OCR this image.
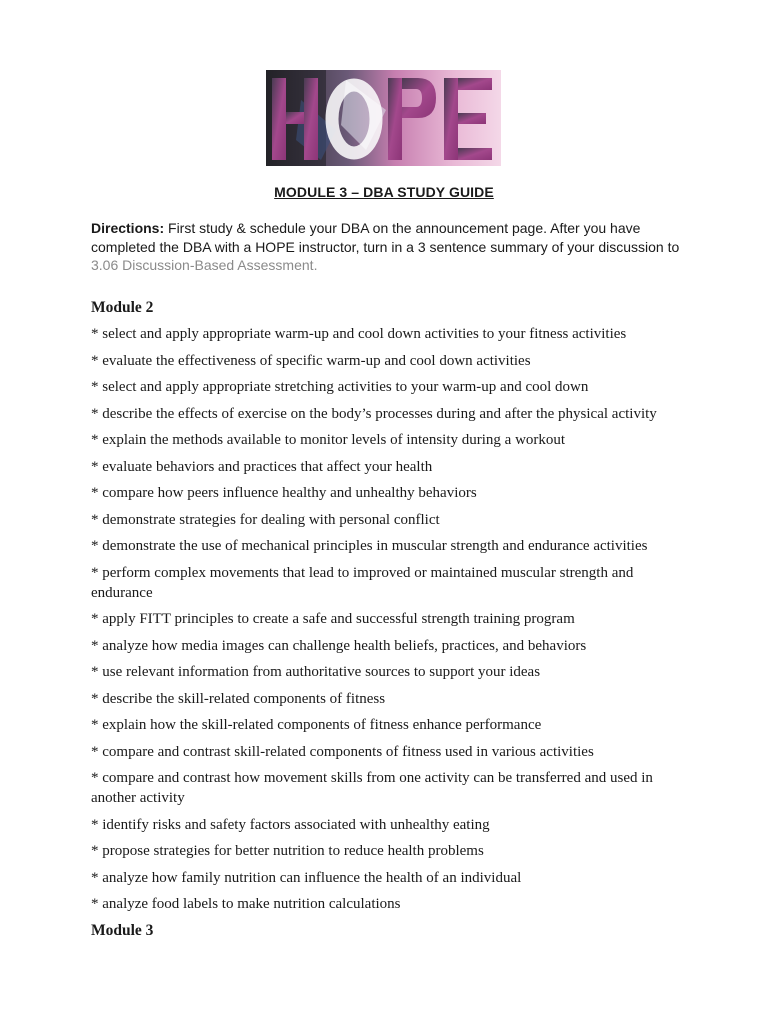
MODULE 3 – DBA STUDY GUIDE
Directions: First study & schedule your DBA on the announcement page. After you have completed the DBA with a HOPE instructor, turn in a 3 sentence summary of your discussion to 3.06 Discussion-Based Assessment.
Module 2
* select and apply appropriate warm-up and cool down activities to your fitness activities
* evaluate the effectiveness of specific warm-up and cool down activities
* select and apply appropriate stretching activities to your warm-up and cool down
* describe the effects of exercise on the body’s processes during and after the physical activity
* explain the methods available to monitor levels of intensity during a workout
* evaluate behaviors and practices that affect your health
* compare how peers influence healthy and unhealthy behaviors
* demonstrate strategies for dealing with personal conflict
* demonstrate the use of mechanical principles in muscular strength and endurance activities
* perform complex movements that lead to improved or maintained muscular strength and endurance
* apply FITT principles to create a safe and successful strength training program
* analyze how media images can challenge health beliefs, practices, and behaviors
* use relevant information from authoritative sources to support your ideas
* describe the skill-related components of fitness
* explain how the skill-related components of fitness enhance performance
* compare and contrast skill-related components of fitness used in various activities
* compare and contrast how movement skills from one activity can be transferred and used in another activity
* identify risks and safety factors associated with unhealthy eating
* propose strategies for better nutrition to reduce health problems
* analyze how family nutrition can influence the health of an individual
* analyze food labels to make nutrition calculations
Module 3
